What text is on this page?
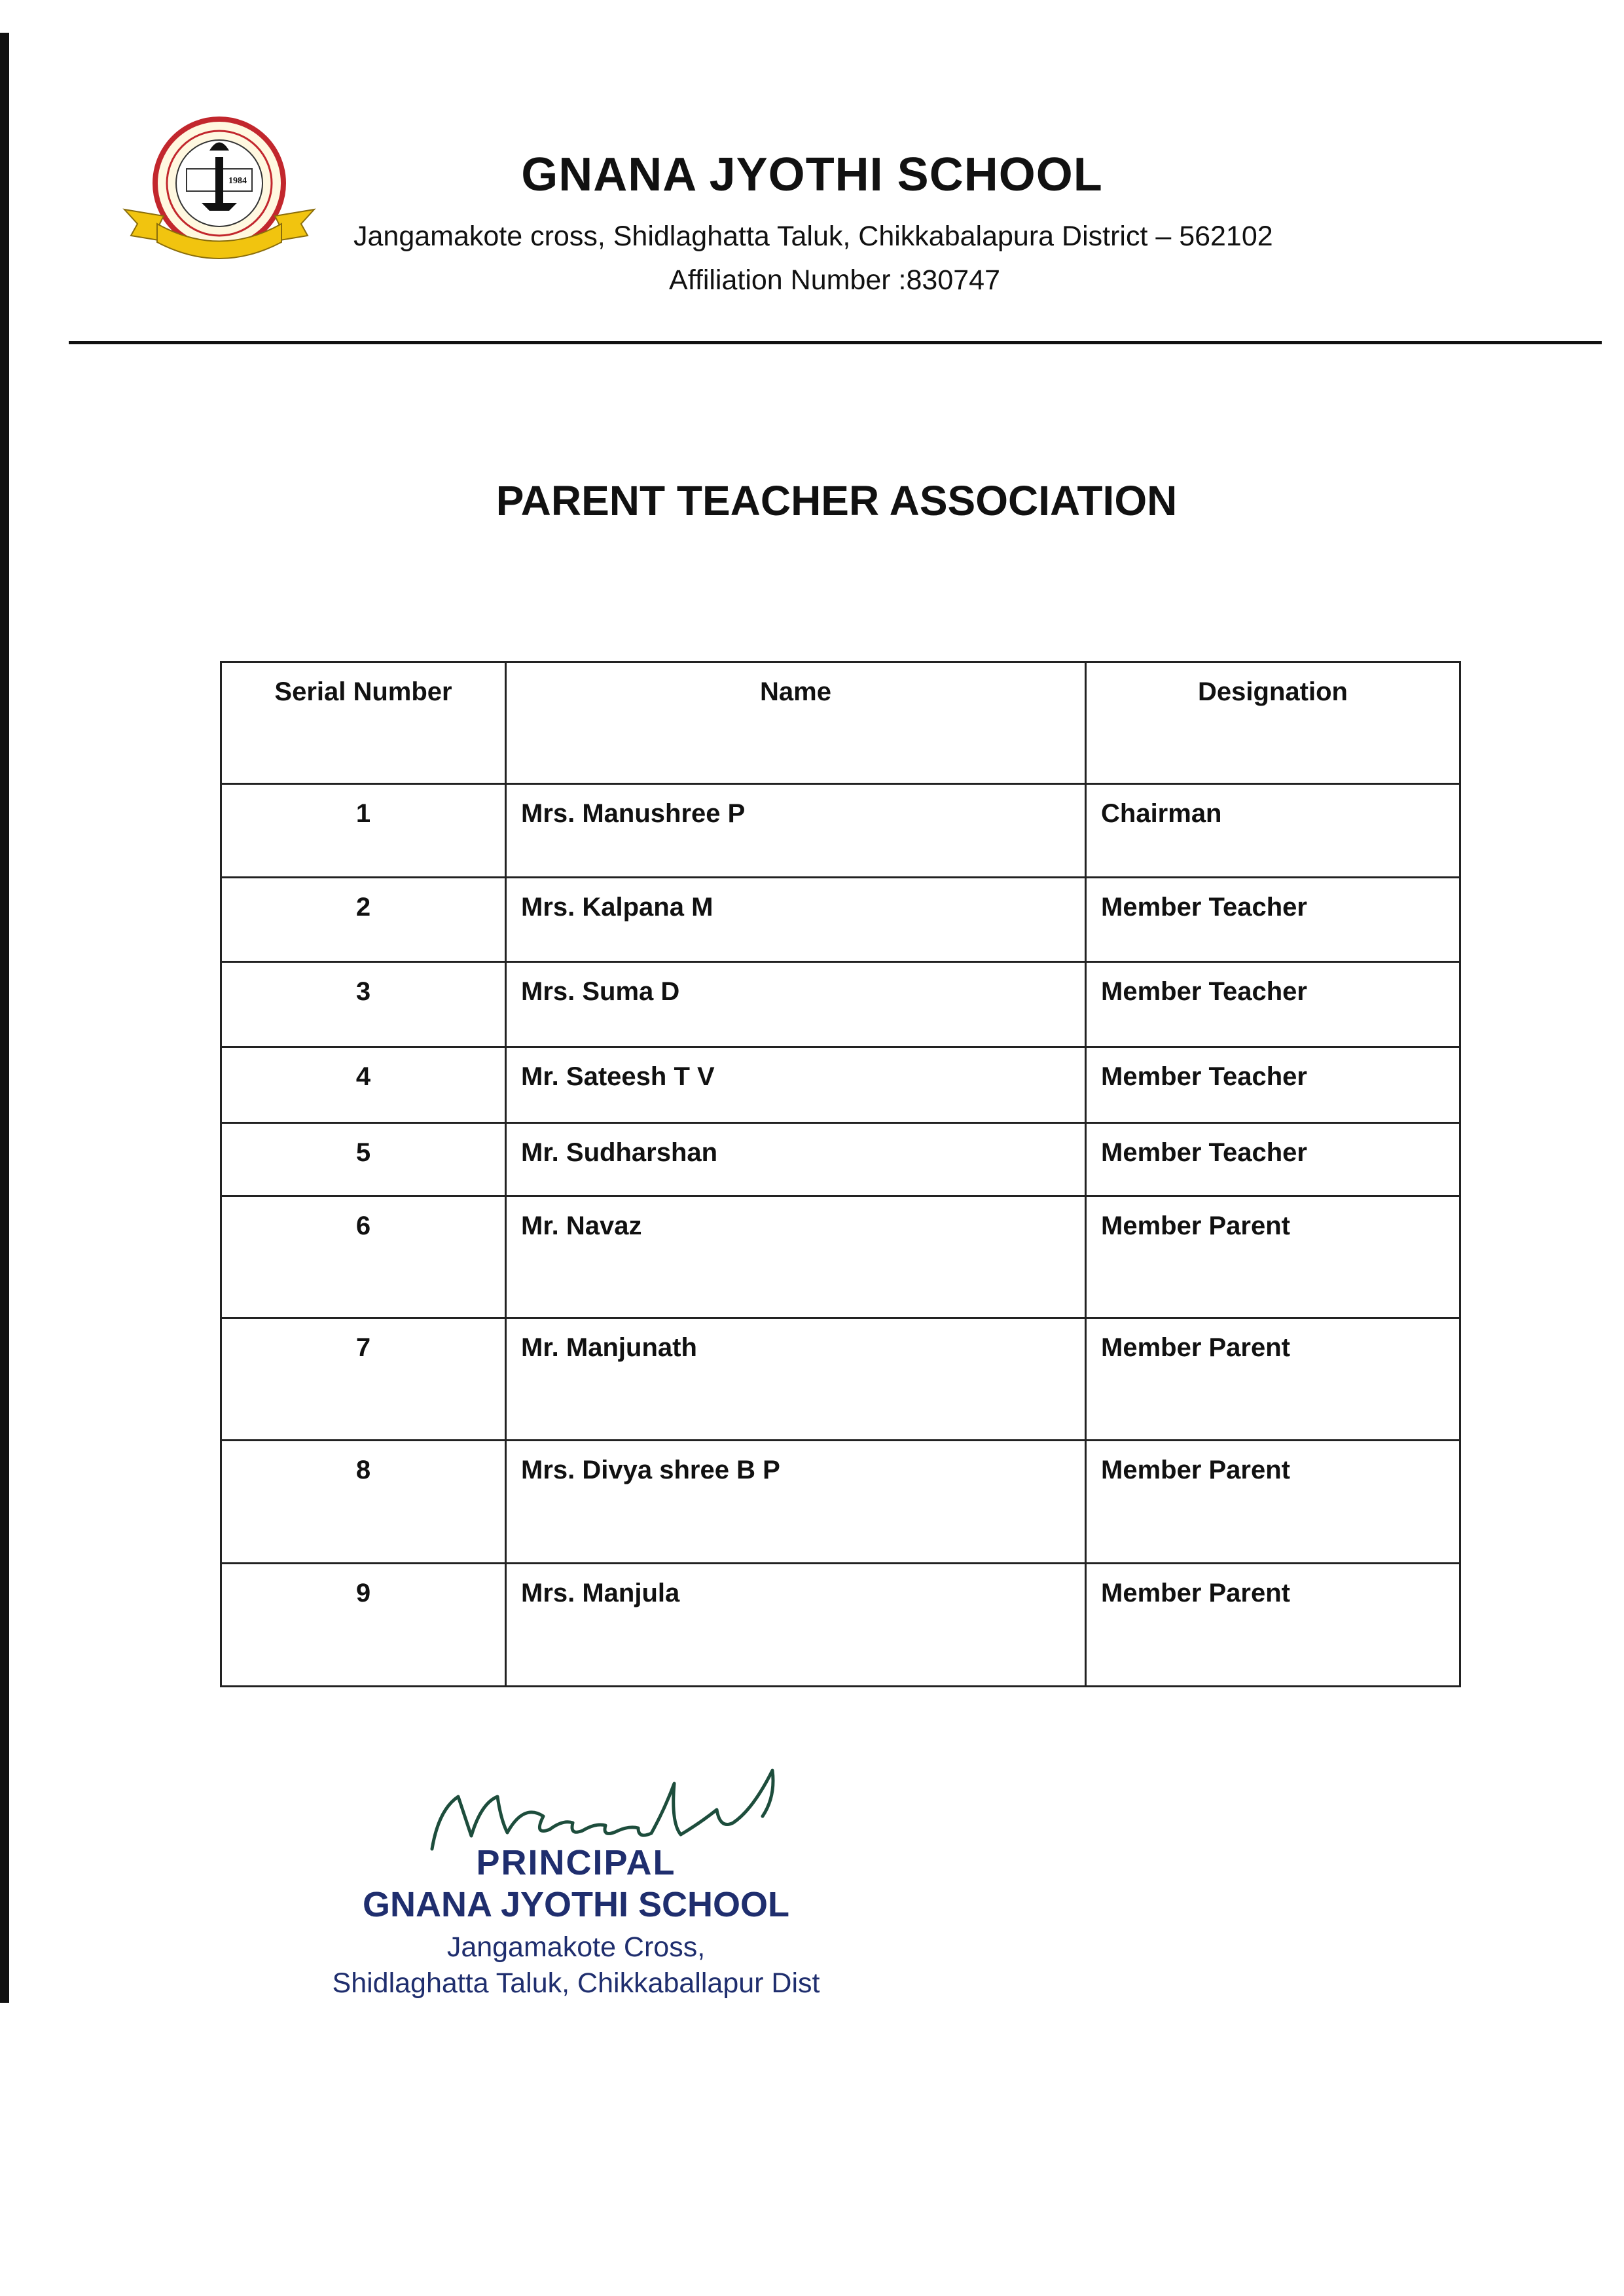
1984	GNANA JYOTHI SCHOOL
Jangamakote cross, Shidlaghatta Taluk, Chikkabalapura District – 562102
Affiliation Number :830747
PARENT TEACHER ASSOCIATION
Serial Number	Name	Designation
1	Mrs. Manushree P	Chairman
2	Mrs. Kalpana M	Member Teacher
3	Mrs. Suma D	Member Teacher
4	Mr. Sateesh T V	Member Teacher
5	Mr. Sudharshan	Member Teacher
6	Mr. Navaz	Member Parent
7	Mr. Manjunath	Member Parent
8	Mrs. Divya shree B P	Member Parent
9	Mrs. Manjula	Member Parent
PRINCIPAL
GNANA JYOTHI SCHOOL
Jangamakote Cross,
Shidlaghatta Taluk, Chikkaballapur Dist
